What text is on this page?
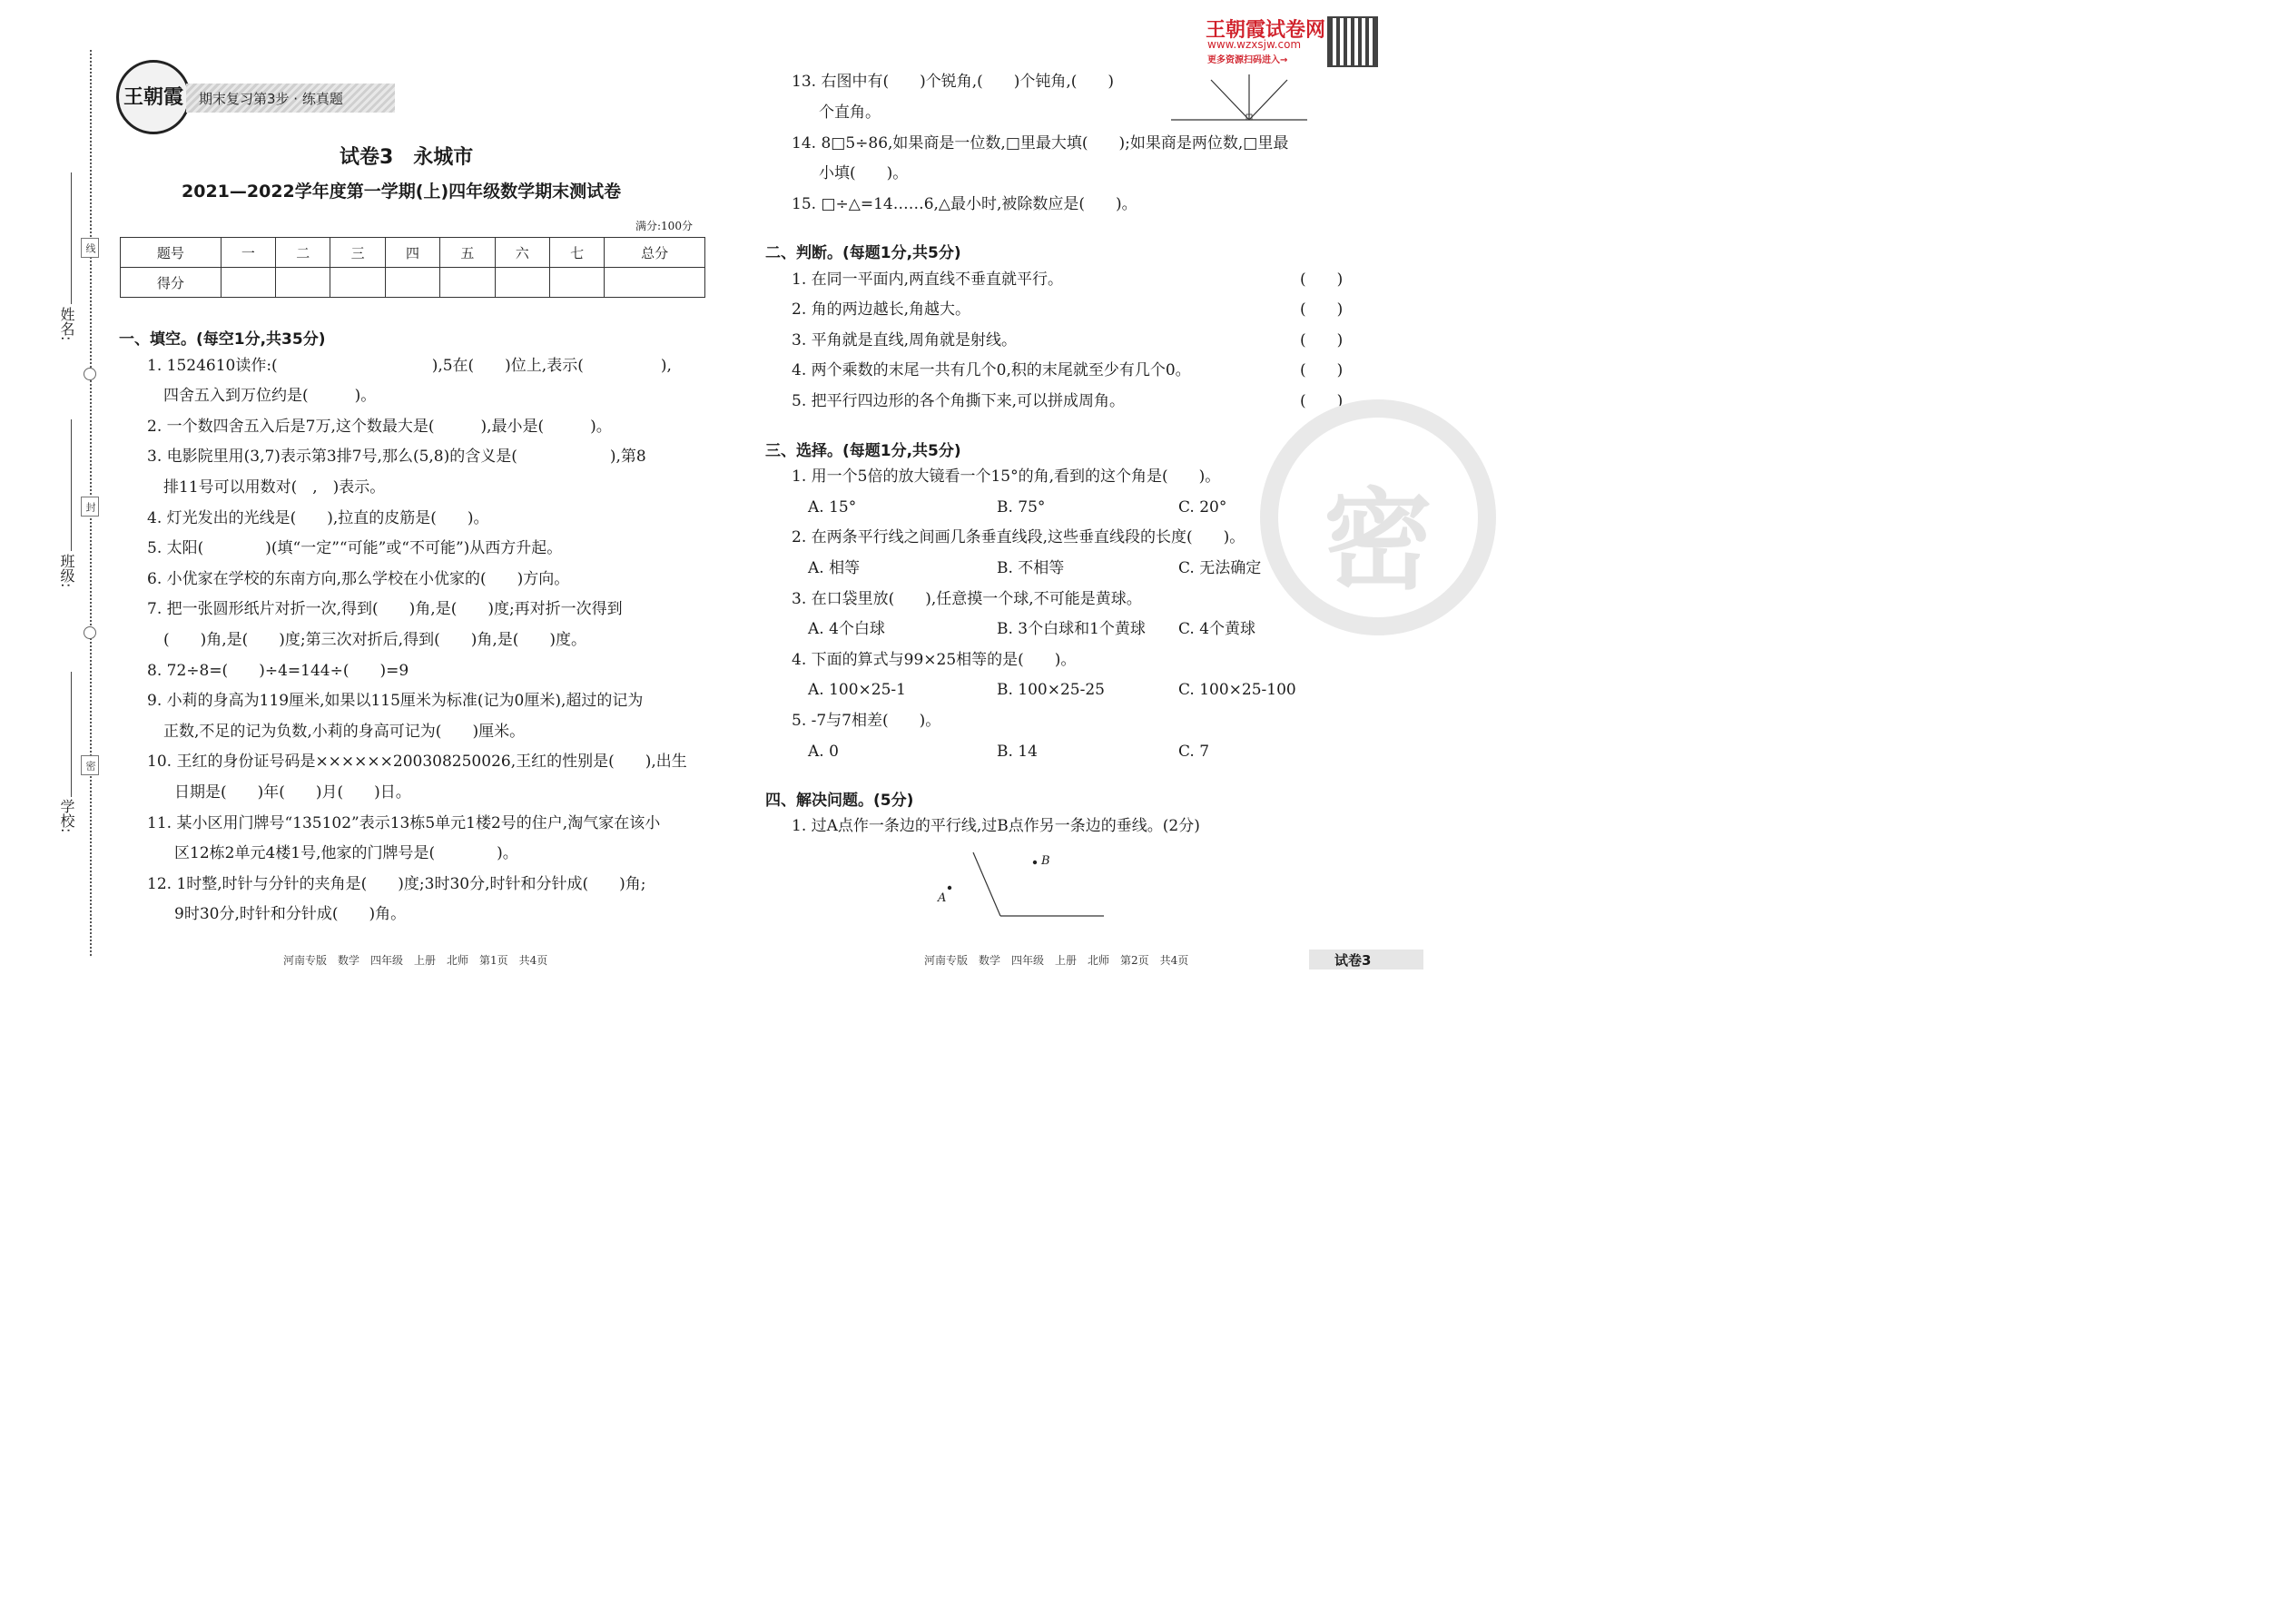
姓名:
班级:
学校:
线
封
密
王朝霞	期末复习第3步 · 练真题
王朝霞试卷网
www.wzxsjw.com
更多资源扫码进入→
试卷3　永城市
2021—2022学年度第一学期(上)四年级数学期末测试卷
满分:100分
题号	一	二	三	四	五	六	七	总分
得分								
一、填空。(每空1分,共35分)
1. 1524610读作:(　　　　　　　　　　),5在(　　)位上,表示(　　　　　),
四舍五入到万位约是(　　　)。
2. 一个数四舍五入后是7万,这个数最大是(　　　),最小是(　　　)。
3. 电影院里用(3,7)表示第3排7号,那么(5,8)的含义是(　　　　　　),第8
排11号可以用数对(　,　)表示。
4. 灯光发出的光线是(　　),拉直的皮筋是(　　)。
5. 太阳(　　　　)(填“一定”“可能”或“不可能”)从西方升起。
6. 小优家在学校的东南方向,那么学校在小优家的(　　)方向。
7. 把一张圆形纸片对折一次,得到(　　)角,是(　　)度;再对折一次得到
(　　)角,是(　　)度;第三次对折后,得到(　　)角,是(　　)度。
8. 72÷8=(　　)÷4=144÷(　　)=9
9. 小莉的身高为119厘米,如果以115厘米为标准(记为0厘米),超过的记为
正数,不足的记为负数,小莉的身高可记为(　　)厘米。
10. 王红的身份证号码是××××××200308250026,王红的性别是(　　),出生
日期是(　　)年(　　)月(　　)日。
11. 某小区用门牌号“135102”表示13栋5单元1楼2号的住户,淘气家在该小
区12栋2单元4楼1号,他家的门牌号是(　　　　)。
12. 1时整,时针与分针的夹角是(　　)度;3时30分,时针和分针成(　　)角;
9时30分,时针和分针成(　　)角。
河南专版　数学　四年级　上册　北师　第1页　共4页
13. 右图中有(　　)个锐角,(　　)个钝角,(　　)
个直角。
14. 8□5÷86,如果商是一位数,□里最大填(　　);如果商是两位数,□里最
小填(　　)。
15. □÷△=14……6,△最小时,被除数应是(　　)。
二、判断。(每题1分,共5分)
1. 在同一平面内,两直线不垂直就平行。	(　　)
2. 角的两边越长,角越大。	(　　)
3. 平角就是直线,周角就是射线。	(　　)
4. 两个乘数的末尾一共有几个0,积的末尾就至少有几个0。	(　　)
5. 把平行四边形的各个角撕下来,可以拼成周角。	(　　)
密
三、选择。(每题1分,共5分)
1. 用一个5倍的放大镜看一个15°的角,看到的这个角是(　　)。
A. 15°	B. 75°	C. 20°
2. 在两条平行线之间画几条垂直线段,这些垂直线段的长度(　　)。
A. 相等	B. 不相等	C. 无法确定
3. 在口袋里放(　　),任意摸一个球,不可能是黄球。
A. 4个白球	B. 3个白球和1个黄球 C. 4个黄球
4. 下面的算式与99×25相等的是(　　)。
A. 100×25-1	B. 100×25-25	C. 100×25-100
5. -7与7相差(　　)。
A. 0	B. 14	C. 7
四、解决问题。(5分)
1. 过A点作一条边的平行线,过B点作另一条边的垂线。(2分)
A
B
河南专版　数学　四年级　上册　北师　第2页　共4页	试卷3
